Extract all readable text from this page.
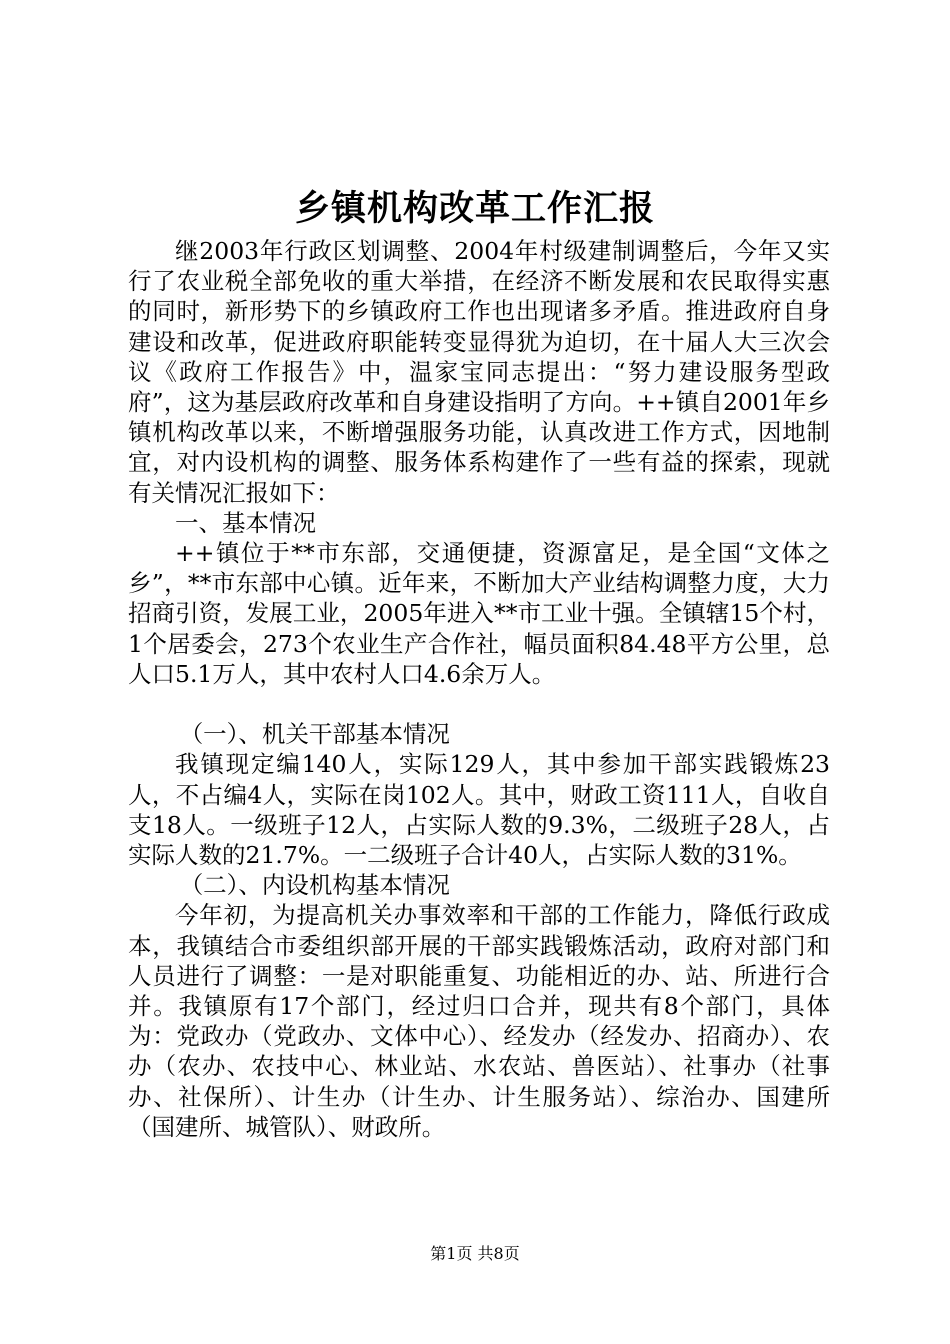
乡镇机构改革工作汇报

继2003年行政区划调整、2004年村级建制调整后，今年又实行了农业税全部免收的重大举措，在经济不断发展和农民取得实惠的同时，新形势下的乡镇政府工作也出现诸多矛盾。推进政府自身建设和改革，促进政府职能转变显得犹为迫切，在十届人大三次会议《政府工作报告》中，温家宝同志提出：“努力建设服务型政府”，这为基层政府改革和自身建设指明了方向。++镇自2001年乡镇机构改革以来，不断增强服务功能，认真改进工作方式，因地制宜，对内设机构的调整、服务体系构建作了一些有益的探索，现就有关情况汇报如下：

一、基本情况

++镇位于**市东部，交通便捷，资源富足，是全国“文体之乡”，**市东部中心镇。近年来，不断加大产业结构调整力度，大力招商引资，发展工业，2005年进入**市工业十强。全镇辖15个村，1个居委会，273个农业生产合作社，幅员面积84.48平方公里，总人口5.1万人，其中农村人口4.6余万人。

（一）、机关干部基本情况

我镇现定编140人，实际129人，其中参加干部实践锻炼23人，不占编4人，实际在岗102人。其中，财政工资111人，自收自支18人。一级班子12人，占实际人数的9.3%，二级班子28人，占实际人数的21.7%。一二级班子合计40人，占实际人数的31%。

（二）、内设机构基本情况

今年初，为提高机关办事效率和干部的工作能力，降低行政成本，我镇结合市委组织部开展的干部实践锻炼活动，政府对部门和人员进行了调整：一是对职能重复、功能相近的办、站、所进行合并。我镇原有17个部门，经过归口合并，现共有8个部门，具体为：党政办（党政办、文体中心）、经发办（经发办、招商办）、农办（农办、农技中心、林业站、水农站、兽医站）、社事办（社事办、社保所）、计生办（计生办、计生服务站）、综治办、国建所（国建所、城管队）、财政所。

第1页 共8页
